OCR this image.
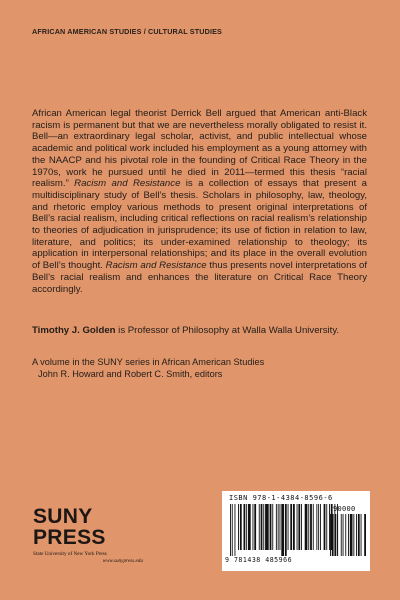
AFRICAN AMERICAN STUDIES / CULTURAL STUDIES
African American legal theorist Derrick Bell argued that American anti-Black racism is permanent but that we are nevertheless morally obligated to resist it. Bell—an extraordinary legal scholar, activist, and public intellectual whose academic and political work included his employment as a young attorney with the NAACP and his pivotal role in the founding of Critical Race Theory in the 1970s, work he pursued until he died in 2011—termed this thesis “racial realism.” Racism and Resistance is a collection of essays that present a multidisciplinary study of Bell’s thesis. Scholars in philosophy, law, theology, and rhetoric employ various methods to present original interpretations of Bell’s racial realism, including critical reflections on racial realism’s relationship to theories of adjudication in jurisprudence; its use of fiction in relation to law, literature, and politics; its under-examined relationship to theology; its application in interpersonal relationships; and its place in the overall evolution of Bell’s thought. Racism and Resistance thus presents novel interpretations of Bell’s racial realism and enhances the literature on Critical Race Theory accordingly.
Timothy J. Golden is Professor of Philosophy at Walla Walla University.
A volume in the SUNY series in African American Studies
John R. Howard and Robert C. Smith, editors
SUNY
PRESS
State University of New York Press
www.sunypress.edu
ISBN 978-1-4384-8596-6
90000
9 781438 485966
